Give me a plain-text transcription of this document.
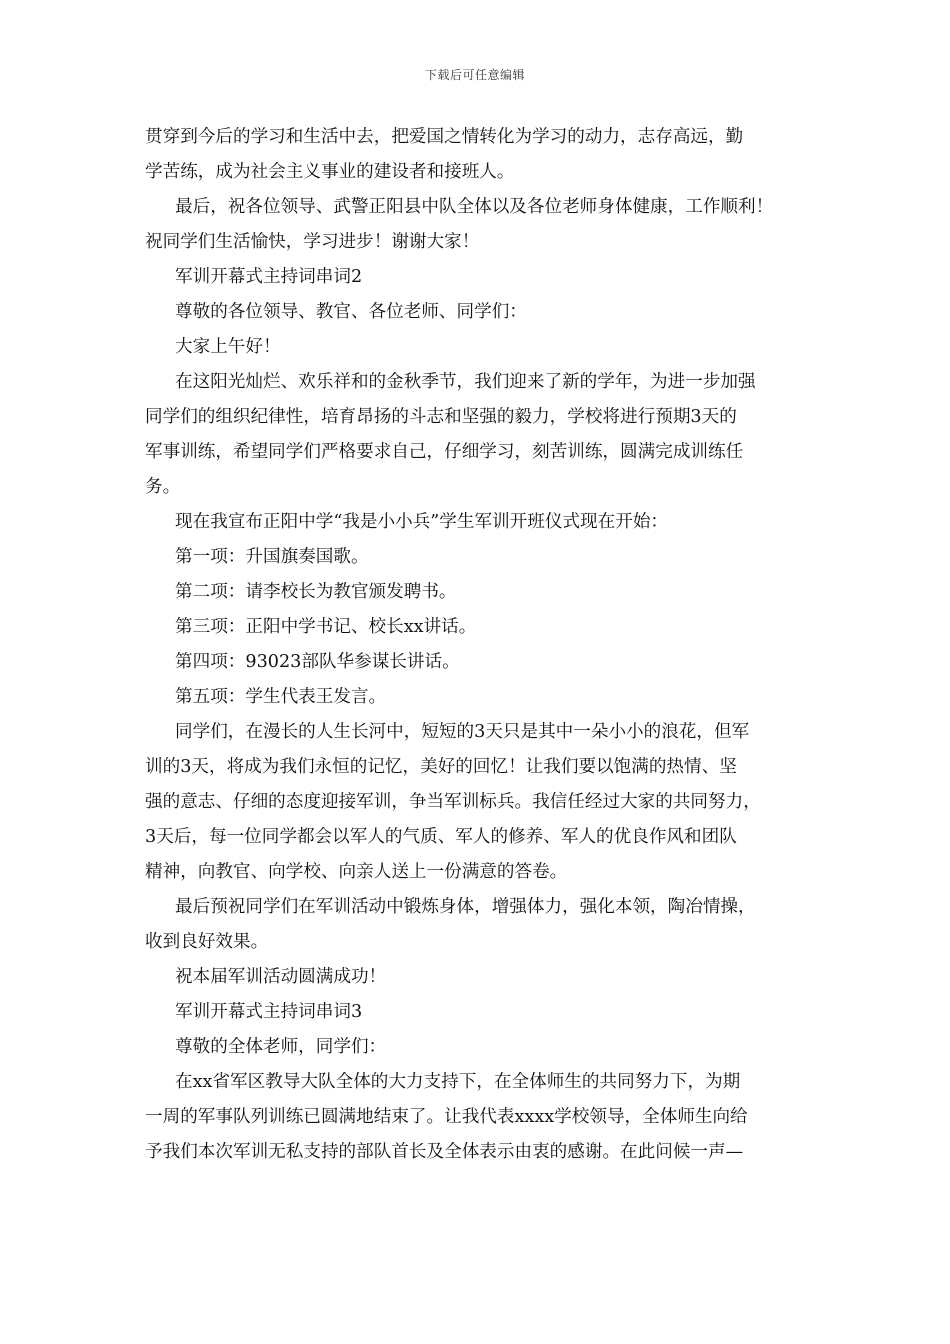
下载后可任意编辑
贯穿到今后的学习和生活中去，把爱国之情转化为学习的动力，志存高远，勤
学苦练，成为社会主义事业的建设者和接班人。
最后，祝各位领导、武警正阳县中队全体以及各位老师身体健康，工作顺利！
祝同学们生活愉快，学习进步！谢谢大家！
军训开幕式主持词串词2
尊敬的各位领导、教官、各位老师、同学们：
大家上午好！
在这阳光灿烂、欢乐祥和的金秋季节，我们迎来了新的学年，为进一步加强
同学们的组织纪律性，培育昂扬的斗志和坚强的毅力，学校将进行预期3天的
军事训练，希望同学们严格要求自己，仔细学习，刻苦训练，圆满完成训练任
务。
现在我宣布正阳中学“我是小小兵”学生军训开班仪式现在开始：
第一项：升国旗奏国歌。
第二项：请李校长为教官颁发聘书。
第三项：正阳中学书记、校长xx讲话。
第四项：93023部队华参谋长讲话。
第五项：学生代表王发言。
同学们，在漫长的人生长河中，短短的3天只是其中一朵小小的浪花，但军
训的3天，将成为我们永恒的记忆，美好的回忆！让我们要以饱满的热情、坚
强的意志、仔细的态度迎接军训，争当军训标兵。我信任经过大家的共同努力，
3天后，每一位同学都会以军人的气质、军人的修养、军人的优良作风和团队
精神，向教官、向学校、向亲人送上一份满意的答卷。
最后预祝同学们在军训活动中锻炼身体，增强体力，强化本领，陶冶情操，
收到良好效果。
祝本届军训活动圆满成功！
军训开幕式主持词串词3
尊敬的全体老师，同学们：
在xx省军区教导大队全体的大力支持下，在全体师生的共同努力下，为期
一周的军事队列训练已圆满地结束了。让我代表xxxx学校领导，全体师生向给
予我们本次军训无私支持的部队首长及全体表示由衷的感谢。在此问候一声—
